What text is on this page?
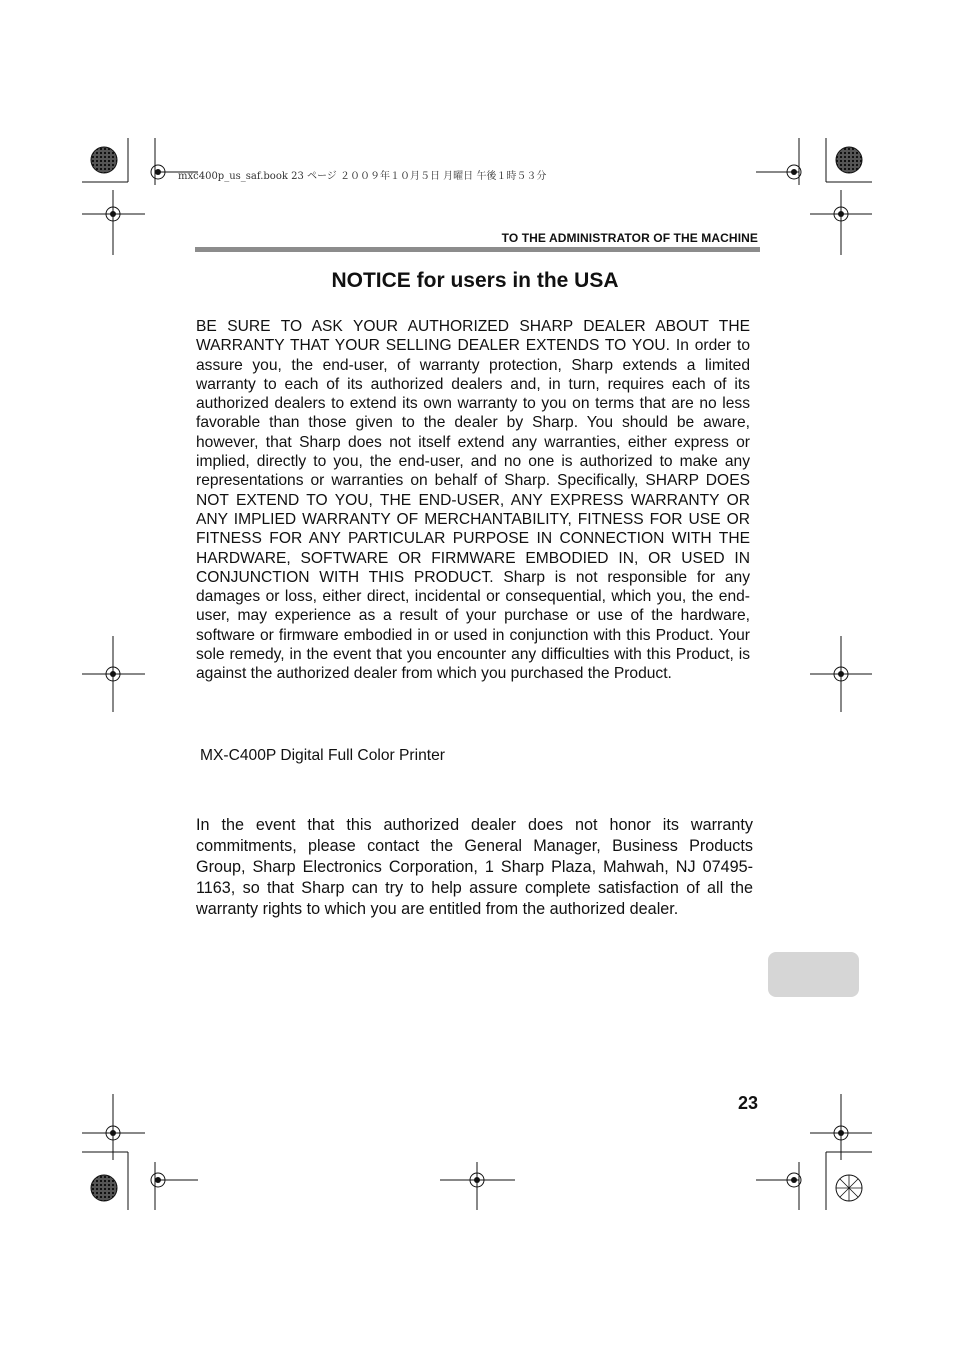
mxc400p_us_saf.book 23 ページ ２００９年１０月５日 月曜日 午後１時５３分
TO THE ADMINISTRATOR OF THE MACHINE
NOTICE for users in the USA

BE SURE TO ASK YOUR AUTHORIZED SHARP DEALER ABOUT THE WARRANTY THAT YOUR SELLING DEALER EXTENDS TO YOU. In order to assure you, the end-user, of warranty protection, Sharp extends a limited warranty to each of its authorized dealers and, in turn, requires each of its authorized dealers to extend its own warranty to you on terms that are no less favorable than those given to the dealer by Sharp. You should be aware, however, that Sharp does not itself extend any warranties, either express or implied, directly to you, the end-user, and no one is authorized to make any representations or warranties on behalf of Sharp. Specifically, SHARP DOES NOT EXTEND TO YOU, THE END-USER, ANY EXPRESS WARRANTY OR ANY IMPLIED WARRANTY OF MERCHANTABILITY, FITNESS FOR USE OR FITNESS FOR ANY PARTICULAR PURPOSE IN CONNECTION WITH THE HARDWARE, SOFTWARE OR FIRMWARE EMBODIED IN, OR USED IN CONJUNCTION WITH THIS PRODUCT. Sharp is not responsible for any damages or loss, either direct, incidental or consequential, which you, the end-user, may experience as a result of your purchase or use of the hardware, software or firmware embodied in or used in conjunction with this Product. Your sole remedy, in the event that you encounter any difficulties with this Product, is against the authorized dealer from which you purchased the Product.

MX-C400P Digital Full Color Printer

In the event that this authorized dealer does not honor its warranty commitments, please contact the General Manager, Business Products Group, Sharp Electronics Corporation, 1 Sharp Plaza, Mahwah, NJ 07495-1163, so that Sharp can try to help assure complete satisfaction of all the warranty rights to which you are entitled from the authorized dealer.

23
